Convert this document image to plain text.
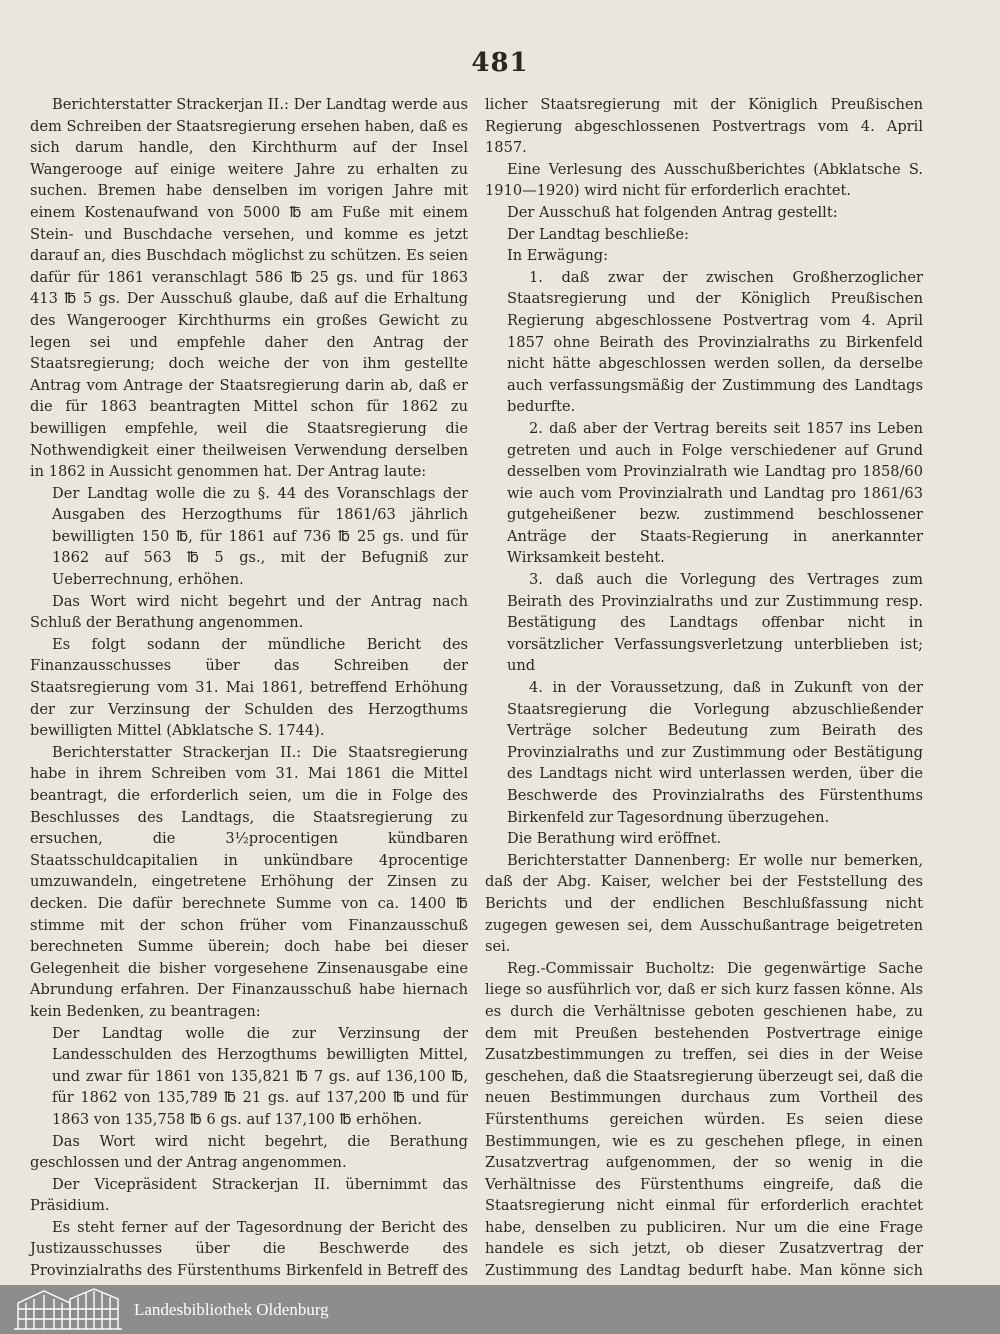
481

Berichterstatter Strackerjan II.: Der Landtag werde aus dem Schreiben der Staatsregierung ersehen haben, daß es sich darum handle, den Kirchthurm auf der Insel Wangerooge auf einige weitere Jahre zu erhalten zu suchen. Bremen habe denselben im vorigen Jahre mit einem Kostenaufwand von 5000 ℔ am Fuße mit einem Stein- und Buschdache versehen, und komme es jetzt darauf an, dies Buschdach möglichst zu schützen. Es seien dafür für 1861 veranschlagt 586 ℔ 25 gs. und für 1863 413 ℔ 5 gs. Der Ausschuß glaube, daß auf die Erhaltung des Wangerooger Kirchthurms ein großes Gewicht zu legen sei und empfehle daher den Antrag der Staatsregierung; doch weiche der von ihm gestellte Antrag vom Antrage der Staatsregierung darin ab, daß er die für 1863 beantragten Mittel schon für 1862 zu bewilligen empfehle, weil die Staatsregierung die Nothwendigkeit einer theilweisen Verwendung derselben in 1862 in Aussicht genommen hat. Der Antrag laute:

Der Landtag wolle die zu §. 44 des Voranschlags der Ausgaben des Herzogthums für 1861/63 jährlich bewilligten 150 ℔, für 1861 auf 736 ℔ 25 gs. und für 1862 auf 563 ℔ 5 gs., mit der Befugniß zur Ueberrechnung, erhöhen.

Das Wort wird nicht begehrt und der Antrag nach Schluß der Berathung angenommen.

Es folgt sodann der mündliche Bericht des Finanzausschusses über das Schreiben der Staatsregierung vom 31. Mai 1861, betreffend Erhöhung der zur Verzinsung der Schulden des Herzogthums bewilligten Mittel (Abklatsche S. 1744).

Berichterstatter Strackerjan II.: Die Staatsregierung habe in ihrem Schreiben vom 31. Mai 1861 die Mittel beantragt, die erforderlich seien, um die in Folge des Beschlusses des Landtags, die Staatsregierung zu ersuchen, die 3½procentigen kündbaren Staatsschuldcapitalien in unkündbare 4procentige umzuwandeln, eingetretene Erhöhung der Zinsen zu decken. Die dafür berechnete Summe von ca. 1400 ℔ stimme mit der schon früher vom Finanzausschuß berechneten Summe überein; doch habe bei dieser Gelegenheit die bisher vorgesehene Zinsenausgabe eine Abrundung erfahren. Der Finanzausschuß habe hiernach kein Bedenken, zu beantragen:

Der Landtag wolle die zur Verzinsung der Landesschulden des Herzogthums bewilligten Mittel, und zwar für 1861 von 135,821 ℔ 7 gs. auf 136,100 ℔, für 1862 von 135,789 ℔ 21 gs. auf 137,200 ℔ und für 1863 von 135,758 ℔ 6 gs. auf 137,100 ℔ erhöhen.

Das Wort wird nicht begehrt, die Berathung geschlossen und der Antrag angenommen.

Der Vicepräsident Strackerjan II. übernimmt das Präsidium.

Es steht ferner auf der Tagesordnung der Bericht des Justizausschusses über die Beschwerde des Provinzialraths des Fürstenthums Birkenfeld in Betreff des

licher Staatsregierung mit der Königlich Preußischen Regierung abgeschlossenen Postvertrags vom 4. April 1857.

Eine Verlesung des Ausschußberichtes (Abklatsche S. 1910—1920) wird nicht für erforderlich erachtet.

Der Ausschuß hat folgenden Antrag gestellt:

Der Landtag beschließe:

In Erwägung:

1. daß zwar der zwischen Großherzoglicher Staatsregierung und der Königlich Preußischen Regierung abgeschlossene Postvertrag vom 4. April 1857 ohne Beirath des Provinzialraths zu Birkenfeld nicht hätte abgeschlossen werden sollen, da derselbe auch verfassungsmäßig der Zustimmung des Landtags bedurfte.

2. daß aber der Vertrag bereits seit 1857 ins Leben getreten und auch in Folge verschiedener auf Grund desselben vom Provinzialrath wie Landtag pro 1858/60 wie auch vom Provinzialrath und Landtag pro 1861/63 gutgeheißener bezw. zustimmend beschlossener Anträge der Staats-Regierung in anerkannter Wirksamkeit besteht.

3. daß auch die Vorlegung des Vertrages zum Beirath des Provinzialraths und zur Zustimmung resp. Bestätigung des Landtags offenbar nicht in vorsätzlicher Verfassungsverletzung unterblieben ist; und

4. in der Voraussetzung, daß in Zukunft von der Staatsregierung die Vorlegung abzuschließender Verträge solcher Bedeutung zum Beirath des Provinzialraths und zur Zustimmung oder Bestätigung des Landtags nicht wird unterlassen werden, über die Beschwerde des Provinzialraths des Fürstenthums Birkenfeld zur Tagesordnung überzugehen.

Die Berathung wird eröffnet.

Berichterstatter Dannenberg: Er wolle nur bemerken, daß der Abg. Kaiser, welcher bei der Feststellung des Berichts und der endlichen Beschlußfassung nicht zugegen gewesen sei, dem Ausschußantrage beigetreten sei.

Reg.-Commissair Bucholtz: Die gegenwärtige Sache liege so ausführlich vor, daß er sich kurz fassen könne. Als es durch die Verhältnisse geboten geschienen habe, zu dem mit Preußen bestehenden Postvertrage einige Zusatzbestimmungen zu treffen, sei dies in der Weise geschehen, daß die Staatsregierung überzeugt sei, daß die neuen Bestimmungen durchaus zum Vortheil des Fürstenthums gereichen würden. Es seien diese Bestimmungen, wie es zu geschehen pflege, in einen Zusatzvertrag aufgenommen, der so wenig in die Verhältnisse des Fürstenthums eingreife, daß die Staatsregierung nicht einmal für erforderlich erachtet habe, denselben zu publiciren. Nur um die eine Frage handele es sich jetzt, ob dieser Zusatzvertrag der Zustimmung des Landtag bedurft habe. Man könne sich

Landesbibliothek Oldenburg
